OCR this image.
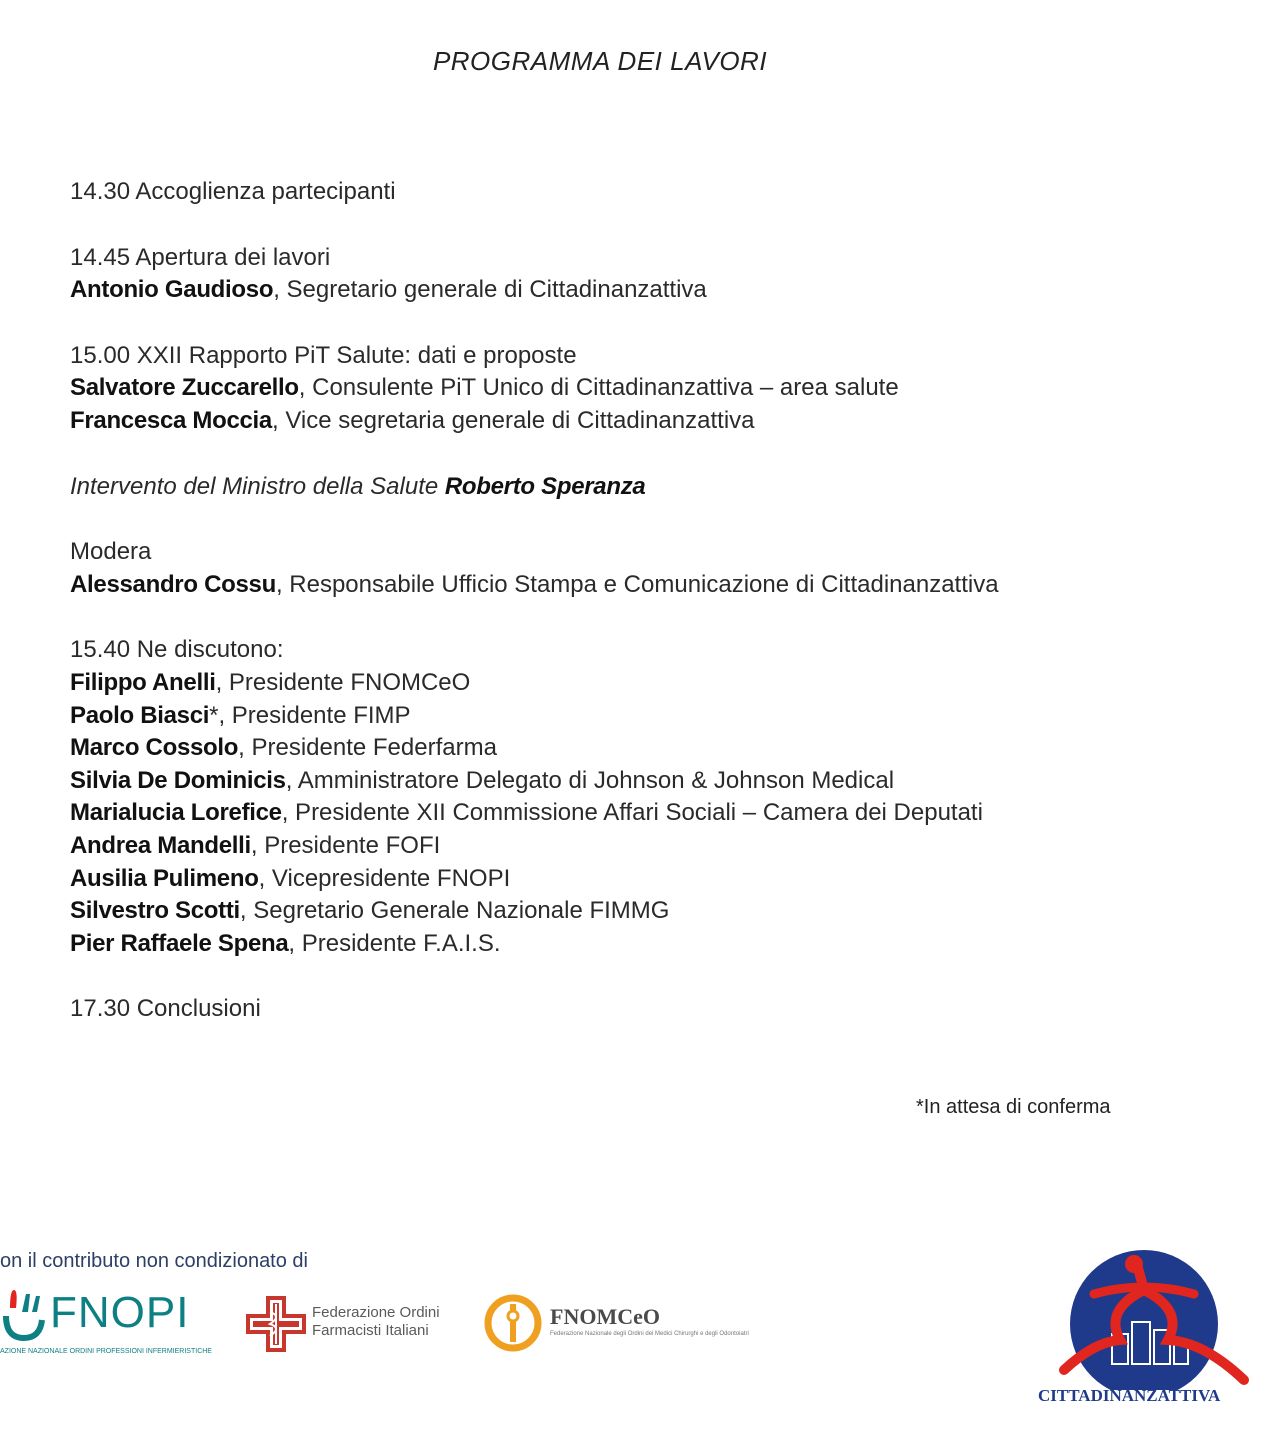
PROGRAMMA DEI LAVORI
14.30 Accoglienza partecipanti
14.45 Apertura dei lavori
Antonio Gaudioso, Segretario generale di Cittadinanzattiva
15.00 XXII Rapporto PiT Salute: dati e proposte
Salvatore Zuccarello, Consulente PiT Unico di Cittadinanzattiva – area salute
Francesca Moccia, Vice segretaria generale di Cittadinanzattiva
Intervento del Ministro della Salute Roberto Speranza
Modera
Alessandro Cossu, Responsabile Ufficio Stampa e Comunicazione di Cittadinanzattiva
15.40 Ne discutono:
Filippo Anelli, Presidente FNOMCeO
Paolo Biasci*, Presidente FIMP
Marco Cossolo, Presidente Federfarma
Silvia De Dominicis, Amministratore Delegato di Johnson & Johnson Medical
Marialucia Lorefice, Presidente XII Commissione Affari Sociali – Camera dei Deputati
Andrea Mandelli, Presidente FOFI
Ausilia Pulimeno, Vicepresidente FNOPI
Silvestro Scotti, Segretario Generale Nazionale FIMMG
Pier Raffaele Spena, Presidente F.A.I.S.
17.30 Conclusioni
*In attesa di conferma
on il contributo non condizionato di
FNOPI
AZIONE NAZIONALE ORDINI PROFESSIONI INFERMIERISTICHE
Federazione Ordini
Farmacisti Italiani
FNOMCeO
Federazione Nazionale degli Ordini dei Medici Chirurghi e degli Odontoiatri
CITTADINANZATTIVA
